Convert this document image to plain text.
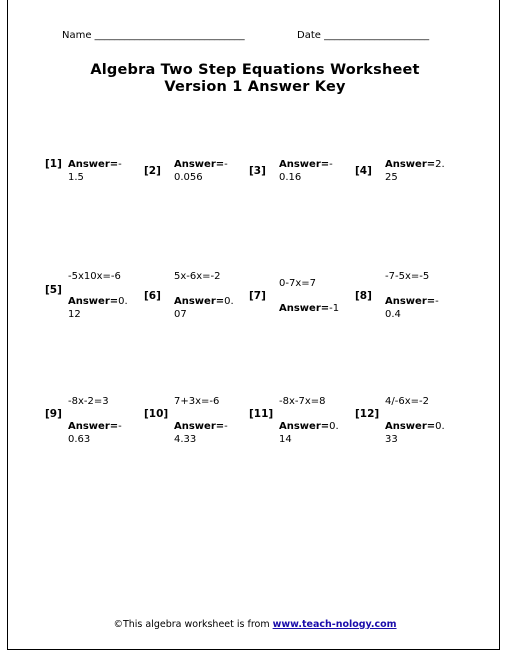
Name ______________________________	Date _____________________
Algebra Two Step Equations Worksheet
Version 1 Answer Key
[1] Answer=-1.5
[2]
Answer=-0.056
[3]
Answer=-0.16
[4]
Answer=2.25
[5]
-5x10x=-6
Answer=0.12
[6]
5x-6x=-2
Answer=0.07
[7]
0-7x=7
Answer=-1
[8]
-7-5x=-5
Answer=-0.4
[9]
-8x-2=3
Answer=-0.63
[10]
7+3x=-6
Answer=-4.33
[11]
-8x-7x=8
Answer=0.14
[12]
4/-6x=-2
Answer=0.33
©This algebra worksheet is from www.teach-nology.com
